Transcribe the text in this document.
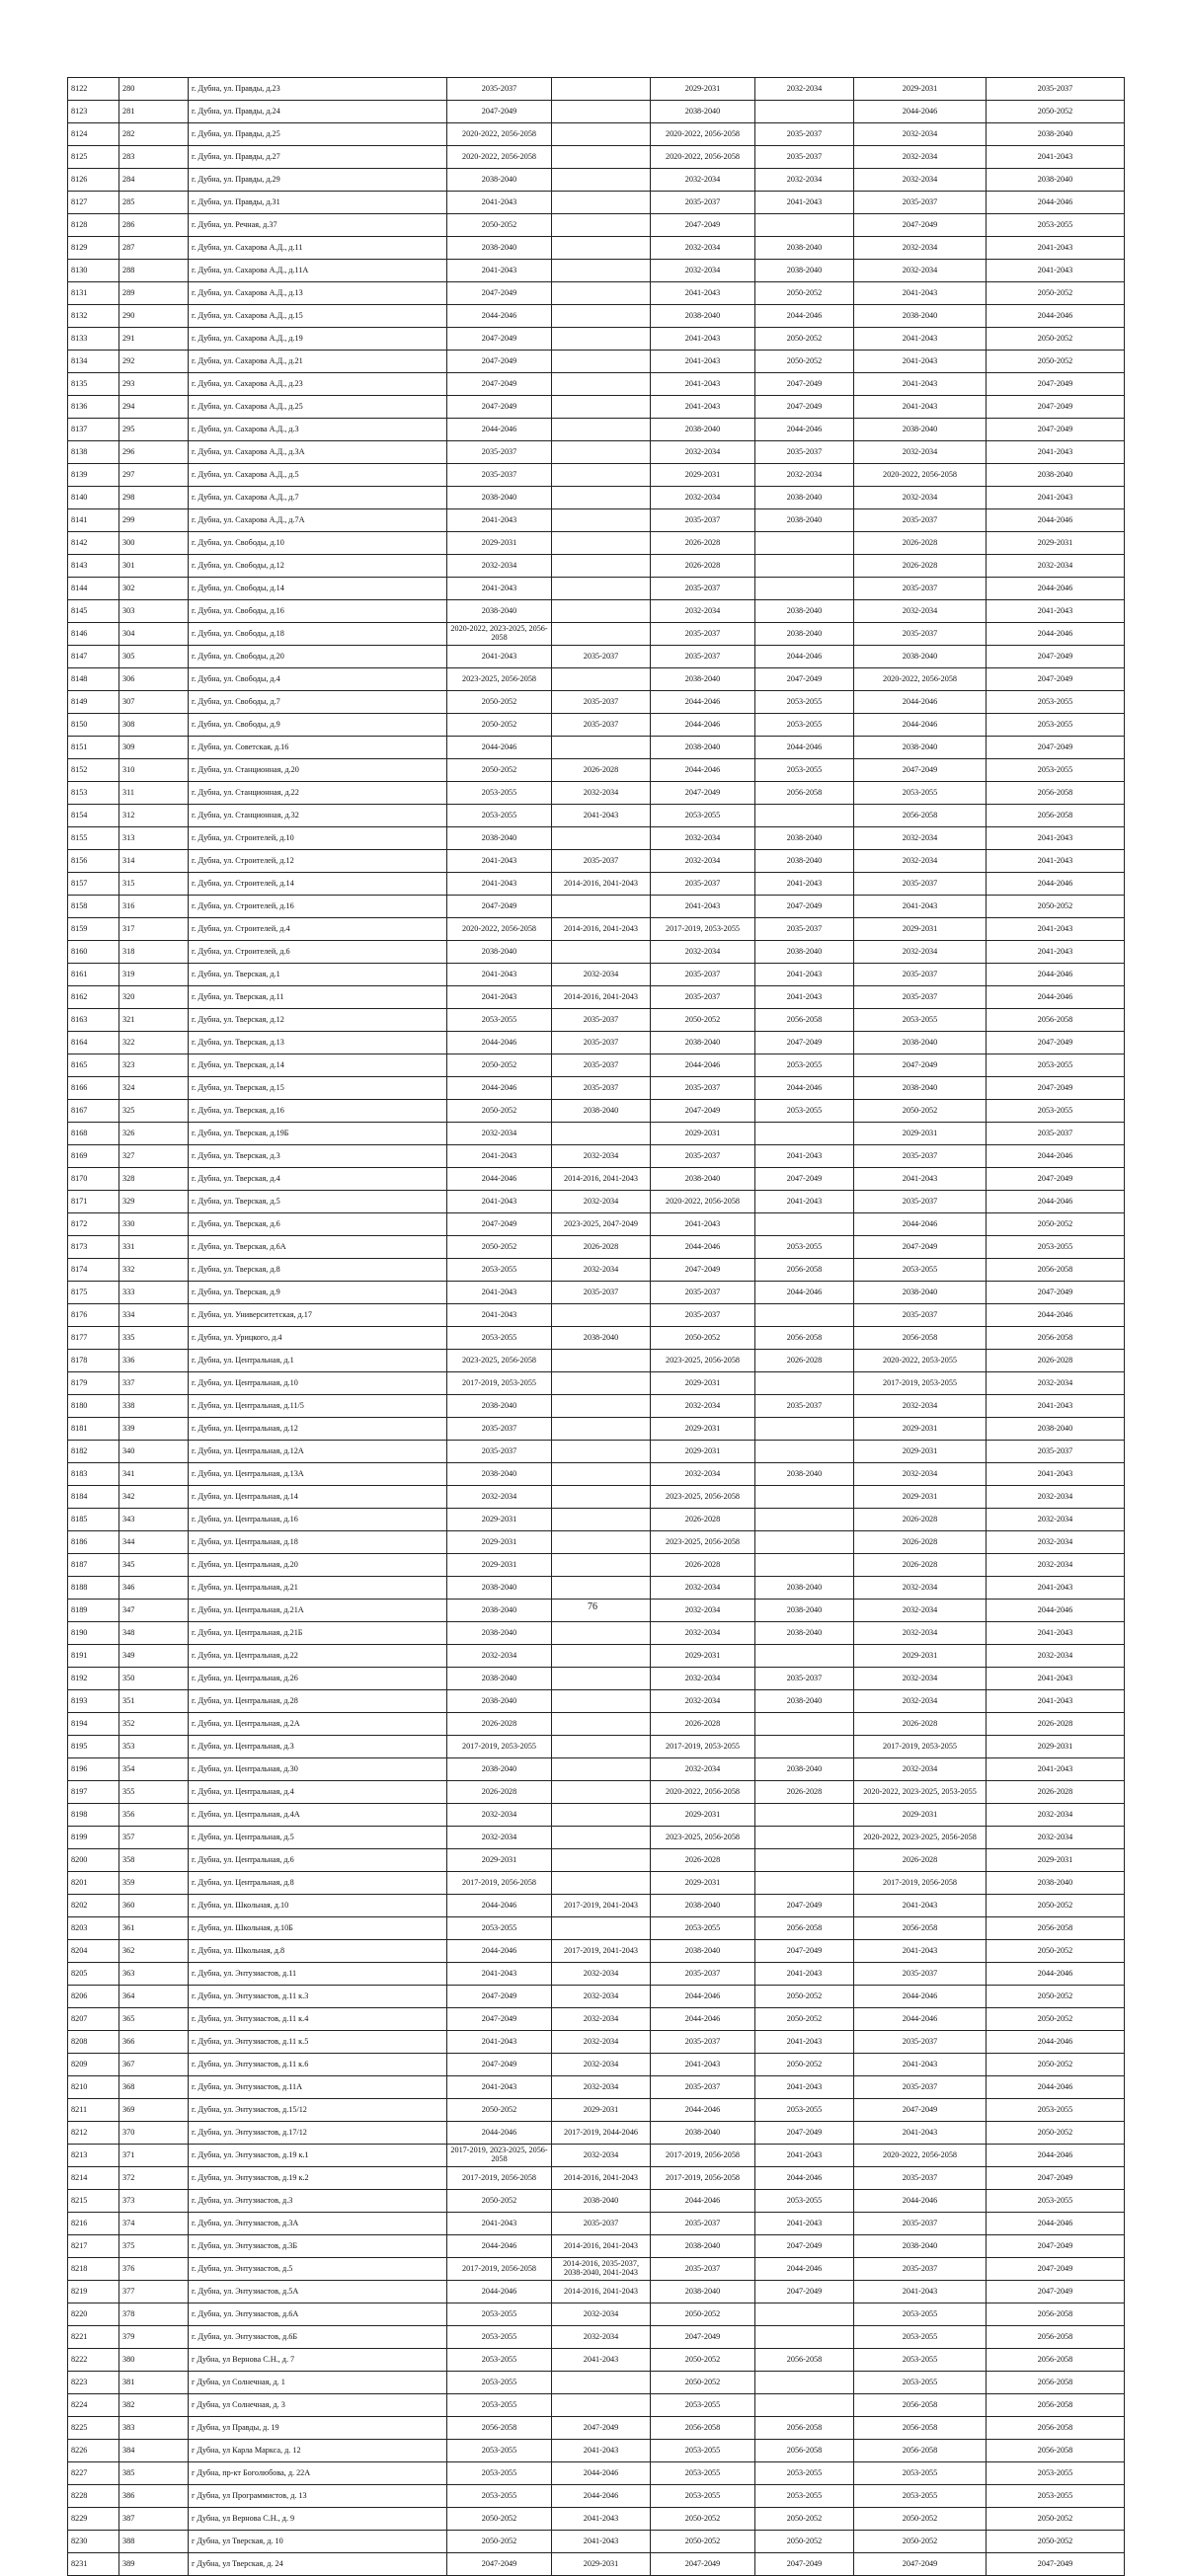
8122	280	г. Дубна, ул. Правды, д.23	2035-2037		2029-2031	2032-2034	2029-2031	2035-2037
8123	281	г. Дубна, ул. Правды, д.24	2047-2049		2038-2040		2044-2046	2050-2052
8124	282	г. Дубна, ул. Правды, д.25	2020-2022, 2056-2058		2020-2022, 2056-2058	2035-2037	2032-2034	2038-2040
8125	283	г. Дубна, ул. Правды, д.27	2020-2022, 2056-2058		2020-2022, 2056-2058	2035-2037	2032-2034	2041-2043
8126	284	г. Дубна, ул. Правды, д.29	2038-2040		2032-2034	2032-2034	2032-2034	2038-2040
8127	285	г. Дубна, ул. Правды, д.31	2041-2043		2035-2037	2041-2043	2035-2037	2044-2046
8128	286	г. Дубна, ул. Речная, д.37	2050-2052		2047-2049		2047-2049	2053-2055
8129	287	г. Дубна, ул. Сахарова А.Д., д.11	2038-2040		2032-2034	2038-2040	2032-2034	2041-2043
8130	288	г. Дубна, ул. Сахарова А.Д., д.11А	2041-2043		2032-2034	2038-2040	2032-2034	2041-2043
8131	289	г. Дубна, ул. Сахарова А.Д., д.13	2047-2049		2041-2043	2050-2052	2041-2043	2050-2052
8132	290	г. Дубна, ул. Сахарова А.Д., д.15	2044-2046		2038-2040	2044-2046	2038-2040	2044-2046
8133	291	г. Дубна, ул. Сахарова А.Д., д.19	2047-2049		2041-2043	2050-2052	2041-2043	2050-2052
8134	292	г. Дубна, ул. Сахарова А.Д., д.21	2047-2049		2041-2043	2050-2052	2041-2043	2050-2052
8135	293	г. Дубна, ул. Сахарова А.Д., д.23	2047-2049		2041-2043	2047-2049	2041-2043	2047-2049
8136	294	г. Дубна, ул. Сахарова А.Д., д.25	2047-2049		2041-2043	2047-2049	2041-2043	2047-2049
8137	295	г. Дубна, ул. Сахарова А.Д., д.3	2044-2046		2038-2040	2044-2046	2038-2040	2047-2049
8138	296	г. Дубна, ул. Сахарова А.Д., д.3А	2035-2037		2032-2034	2035-2037	2032-2034	2041-2043
8139	297	г. Дубна, ул. Сахарова А.Д., д.5	2035-2037		2029-2031	2032-2034	2020-2022, 2056-2058	2038-2040
8140	298	г. Дубна, ул. Сахарова А.Д., д.7	2038-2040		2032-2034	2038-2040	2032-2034	2041-2043
8141	299	г. Дубна, ул. Сахарова А.Д., д.7А	2041-2043		2035-2037	2038-2040	2035-2037	2044-2046
8142	300	г. Дубна, ул. Свободы, д.10	2029-2031		2026-2028		2026-2028	2029-2031
8143	301	г. Дубна, ул. Свободы, д.12	2032-2034		2026-2028		2026-2028	2032-2034
8144	302	г. Дубна, ул. Свободы, д.14	2041-2043		2035-2037		2035-2037	2044-2046
8145	303	г. Дубна, ул. Свободы, д.16	2038-2040		2032-2034	2038-2040	2032-2034	2041-2043
8146	304	г. Дубна, ул. Свободы, д.18	2020-2022, 2023-2025, 2056-2058		2035-2037	2038-2040	2035-2037	2044-2046
8147	305	г. Дубна, ул. Свободы, д.20	2041-2043	2035-2037	2035-2037	2044-2046	2038-2040	2047-2049
8148	306	г. Дубна, ул. Свободы, д.4	2023-2025, 2056-2058		2038-2040	2047-2049	2020-2022, 2056-2058	2047-2049
8149	307	г. Дубна, ул. Свободы, д.7	2050-2052	2035-2037	2044-2046	2053-2055	2044-2046	2053-2055
8150	308	г. Дубна, ул. Свободы, д.9	2050-2052	2035-2037	2044-2046	2053-2055	2044-2046	2053-2055
8151	309	г. Дубна, ул. Советская, д.16	2044-2046		2038-2040	2044-2046	2038-2040	2047-2049
8152	310	г. Дубна, ул. Станционная, д.20	2050-2052	2026-2028	2044-2046	2053-2055	2047-2049	2053-2055
8153	311	г. Дубна, ул. Станционная, д.22	2053-2055	2032-2034	2047-2049	2056-2058	2053-2055	2056-2058
8154	312	г. Дубна, ул. Станционная, д.32	2053-2055	2041-2043	2053-2055		2056-2058	2056-2058
8155	313	г. Дубна, ул. Строителей, д.10	2038-2040		2032-2034	2038-2040	2032-2034	2041-2043
8156	314	г. Дубна, ул. Строителей, д.12	2041-2043	2035-2037	2032-2034	2038-2040	2032-2034	2041-2043
8157	315	г. Дубна, ул. Строителей, д.14	2041-2043	2014-2016, 2041-2043	2035-2037	2041-2043	2035-2037	2044-2046
8158	316	г. Дубна, ул. Строителей, д.16	2047-2049		2041-2043	2047-2049	2041-2043	2050-2052
8159	317	г. Дубна, ул. Строителей, д.4	2020-2022, 2056-2058	2014-2016, 2041-2043	2017-2019, 2053-2055	2035-2037	2029-2031	2041-2043
8160	318	г. Дубна, ул. Строителей, д.6	2038-2040		2032-2034	2038-2040	2032-2034	2041-2043
8161	319	г. Дубна, ул. Тверская, д.1	2041-2043	2032-2034	2035-2037	2041-2043	2035-2037	2044-2046
8162	320	г. Дубна, ул. Тверская, д.11	2041-2043	2014-2016, 2041-2043	2035-2037	2041-2043	2035-2037	2044-2046
8163	321	г. Дубна, ул. Тверская, д.12	2053-2055	2035-2037	2050-2052	2056-2058	2053-2055	2056-2058
8164	322	г. Дубна, ул. Тверская, д.13	2044-2046	2035-2037	2038-2040	2047-2049	2038-2040	2047-2049
8165	323	г. Дубна, ул. Тверская, д.14	2050-2052	2035-2037	2044-2046	2053-2055	2047-2049	2053-2055
8166	324	г. Дубна, ул. Тверская, д.15	2044-2046	2035-2037	2035-2037	2044-2046	2038-2040	2047-2049
8167	325	г. Дубна, ул. Тверская, д.16	2050-2052	2038-2040	2047-2049	2053-2055	2050-2052	2053-2055
8168	326	г. Дубна, ул. Тверская, д.19Б	2032-2034		2029-2031		2029-2031	2035-2037
8169	327	г. Дубна, ул. Тверская, д.3	2041-2043	2032-2034	2035-2037	2041-2043	2035-2037	2044-2046
8170	328	г. Дубна, ул. Тверская, д.4	2044-2046	2014-2016, 2041-2043	2038-2040	2047-2049	2041-2043	2047-2049
8171	329	г. Дубна, ул. Тверская, д.5	2041-2043	2032-2034	2020-2022, 2056-2058	2041-2043	2035-2037	2044-2046
8172	330	г. Дубна, ул. Тверская, д.6	2047-2049	2023-2025, 2047-2049	2041-2043		2044-2046	2050-2052
8173	331	г. Дубна, ул. Тверская, д.6А	2050-2052	2026-2028	2044-2046	2053-2055	2047-2049	2053-2055
8174	332	г. Дубна, ул. Тверская, д.8	2053-2055	2032-2034	2047-2049	2056-2058	2053-2055	2056-2058
8175	333	г. Дубна, ул. Тверская, д.9	2041-2043	2035-2037	2035-2037	2044-2046	2038-2040	2047-2049
8176	334	г. Дубна, ул. Университетская, д.17	2041-2043		2035-2037		2035-2037	2044-2046
8177	335	г. Дубна, ул. Урицкого, д.4	2053-2055	2038-2040	2050-2052	2056-2058	2056-2058	2056-2058
8178	336	г. Дубна, ул. Центральная, д.1	2023-2025, 2056-2058		2023-2025, 2056-2058	2026-2028	2020-2022, 2053-2055	2026-2028
8179	337	г. Дубна, ул. Центральная, д.10	2017-2019, 2053-2055		2029-2031		2017-2019, 2053-2055	2032-2034
8180	338	г. Дубна, ул. Центральная, д.11/5	2038-2040		2032-2034	2035-2037	2032-2034	2041-2043
8181	339	г. Дубна, ул. Центральная, д.12	2035-2037		2029-2031		2029-2031	2038-2040
8182	340	г. Дубна, ул. Центральная, д.12А	2035-2037		2029-2031		2029-2031	2035-2037
8183	341	г. Дубна, ул. Центральная, д.13А	2038-2040		2032-2034	2038-2040	2032-2034	2041-2043
8184	342	г. Дубна, ул. Центральная, д.14	2032-2034		2023-2025, 2056-2058		2029-2031	2032-2034
8185	343	г. Дубна, ул. Центральная, д.16	2029-2031		2026-2028		2026-2028	2032-2034
8186	344	г. Дубна, ул. Центральная, д.18	2029-2031		2023-2025, 2056-2058		2026-2028	2032-2034
8187	345	г. Дубна, ул. Центральная, д.20	2029-2031		2026-2028		2026-2028	2032-2034
8188	346	г. Дубна, ул. Центральная, д.21	2038-2040		2032-2034	2038-2040	2032-2034	2041-2043
8189	347	г. Дубна, ул. Центральная, д.21А	2038-2040		2032-2034	2038-2040	2032-2034	2044-2046
8190	348	г. Дубна, ул. Центральная, д.21Б	2038-2040		2032-2034	2038-2040	2032-2034	2041-2043
8191	349	г. Дубна, ул. Центральная, д.22	2032-2034		2029-2031		2029-2031	2032-2034
8192	350	г. Дубна, ул. Центральная, д.26	2038-2040		2032-2034	2035-2037	2032-2034	2041-2043
8193	351	г. Дубна, ул. Центральная, д.28	2038-2040		2032-2034	2038-2040	2032-2034	2041-2043
8194	352	г. Дубна, ул. Центральная, д.2А	2026-2028		2026-2028		2026-2028	2026-2028
8195	353	г. Дубна, ул. Центральная, д.3	2017-2019, 2053-2055		2017-2019, 2053-2055		2017-2019, 2053-2055	2029-2031
8196	354	г. Дубна, ул. Центральная, д.30	2038-2040		2032-2034	2038-2040	2032-2034	2041-2043
8197	355	г. Дубна, ул. Центральная, д.4	2026-2028		2020-2022, 2056-2058	2026-2028	2020-2022, 2023-2025, 2053-2055	2026-2028
8198	356	г. Дубна, ул. Центральная, д.4А	2032-2034		2029-2031		2029-2031	2032-2034
8199	357	г. Дубна, ул. Центральная, д.5	2032-2034		2023-2025, 2056-2058		2020-2022, 2023-2025, 2056-2058	2032-2034
8200	358	г. Дубна, ул. Центральная, д.6	2029-2031		2026-2028		2026-2028	2029-2031
8201	359	г. Дубна, ул. Центральная, д.8	2017-2019, 2056-2058		2029-2031		2017-2019, 2056-2058	2038-2040
8202	360	г. Дубна, ул. Школьная, д.10	2044-2046	2017-2019, 2041-2043	2038-2040	2047-2049	2041-2043	2050-2052
8203	361	г. Дубна, ул. Школьная, д.10Б	2053-2055		2053-2055	2056-2058	2056-2058	2056-2058
8204	362	г. Дубна, ул. Школьная, д.8	2044-2046	2017-2019, 2041-2043	2038-2040	2047-2049	2041-2043	2050-2052
8205	363	г. Дубна, ул. Энтузиастов, д.11	2041-2043	2032-2034	2035-2037	2041-2043	2035-2037	2044-2046
8206	364	г. Дубна, ул. Энтузиастов, д.11 к.3	2047-2049	2032-2034	2044-2046	2050-2052	2044-2046	2050-2052
8207	365	г. Дубна, ул. Энтузиастов, д.11 к.4	2047-2049	2032-2034	2044-2046	2050-2052	2044-2046	2050-2052
8208	366	г. Дубна, ул. Энтузиастов, д.11 к.5	2041-2043	2032-2034	2035-2037	2041-2043	2035-2037	2044-2046
8209	367	г. Дубна, ул. Энтузиастов, д.11 к.6	2047-2049	2032-2034	2041-2043	2050-2052	2041-2043	2050-2052
8210	368	г. Дубна, ул. Энтузиастов, д.11А	2041-2043	2032-2034	2035-2037	2041-2043	2035-2037	2044-2046
8211	369	г. Дубна, ул. Энтузиастов, д.15/12	2050-2052	2029-2031	2044-2046	2053-2055	2047-2049	2053-2055
8212	370	г. Дубна, ул. Энтузиастов, д.17/12	2044-2046	2017-2019, 2044-2046	2038-2040	2047-2049	2041-2043	2050-2052
8213	371	г. Дубна, ул. Энтузиастов, д.19 к.1	2017-2019, 2023-2025, 2056-2058	2032-2034	2017-2019, 2056-2058	2041-2043	2020-2022, 2056-2058	2044-2046
8214	372	г. Дубна, ул. Энтузиастов, д.19 к.2	2017-2019, 2056-2058	2014-2016, 2041-2043	2017-2019, 2056-2058	2044-2046	2035-2037	2047-2049
8215	373	г. Дубна, ул. Энтузиастов, д.3	2050-2052	2038-2040	2044-2046	2053-2055	2044-2046	2053-2055
8216	374	г. Дубна, ул. Энтузиастов, д.3А	2041-2043	2035-2037	2035-2037	2041-2043	2035-2037	2044-2046
8217	375	г. Дубна, ул. Энтузиастов, д.3Б	2044-2046	2014-2016, 2041-2043	2038-2040	2047-2049	2038-2040	2047-2049
8218	376	г. Дубна, ул. Энтузиастов, д.5	2017-2019, 2056-2058	2014-2016, 2035-2037, 2038-2040, 2041-2043	2035-2037	2044-2046	2035-2037	2047-2049
8219	377	г. Дубна, ул. Энтузиастов, д.5А	2044-2046	2014-2016, 2041-2043	2038-2040	2047-2049	2041-2043	2047-2049
8220	378	г. Дубна, ул. Энтузиастов, д.6А	2053-2055	2032-2034	2050-2052		2053-2055	2056-2058
8221	379	г. Дубна, ул. Энтузиастов, д.6Б	2053-2055	2032-2034	2047-2049		2053-2055	2056-2058
8222	380	г Дубна, ул Вернова С.Н., д. 7	2053-2055	2041-2043	2050-2052	2056-2058	2053-2055	2056-2058
8223	381	г Дубна, ул Солнечная, д. 1	2053-2055		2050-2052		2053-2055	2056-2058
8224	382	г Дубна, ул Солнечная, д. 3	2053-2055		2053-2055		2056-2058	2056-2058
8225	383	г Дубна, ул Правды, д. 19	2056-2058	2047-2049	2056-2058	2056-2058	2056-2058	2056-2058
8226	384	г Дубна, ул Карла Маркса, д. 12	2053-2055	2041-2043	2053-2055	2056-2058	2056-2058	2056-2058
8227	385	г Дубна, пр-кт Боголюбова, д. 22А	2053-2055	2044-2046	2053-2055	2053-2055	2053-2055	2053-2055
8228	386	г Дубна, ул Программистов, д. 13	2053-2055	2044-2046	2053-2055	2053-2055	2053-2055	2053-2055
8229	387	г Дубна, ул Вернова С.Н., д. 9	2050-2052	2041-2043	2050-2052	2050-2052	2050-2052	2050-2052
8230	388	г Дубна, ул Тверская, д. 10	2050-2052	2041-2043	2050-2052	2050-2052	2050-2052	2050-2052
8231	389	г Дубна, ул Тверская, д. 24	2047-2049	2029-2031	2047-2049	2047-2049	2047-2049	2047-2049
76
